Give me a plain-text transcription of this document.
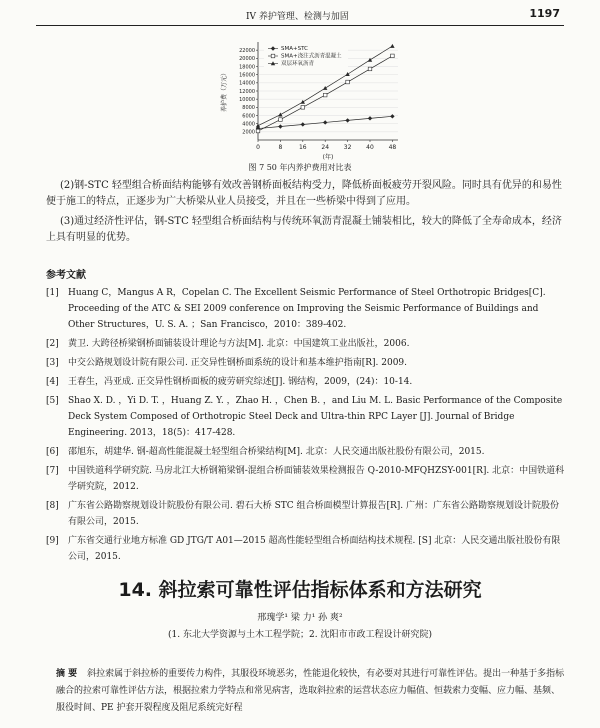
IV 养护管理、检测与加固	1197
2000
4000
6000
8000
10000
12000
14000
16000
18000
20000
22000
0	8	16 24 32 40 48
(年)
养护费（万元）
SMA+STC
SMA+浇注式沥青混凝土
双层环氧沥青
图 7 50 年内养护费用对比表
(2)钢-STC 轻型组合桥面结构能够有效改善钢桥面板结构受力，降低桥面板疲劳开裂风险。同时具有优异的和易性便于施工的特点，正逐步为广大桥梁从业人员接受，并且在一些桥梁中得到了应用。
(3)通过经济性评估，钢-STC 轻型组合桥面结构与传统环氧沥青混凝土铺装相比，较大的降低了全寿命成本，经济上具有明显的优势。
参考文献
[1]	Huang C，Mangus A R，Copelan C. The Excellent Seismic Performance of Steel Orthotropic Bridges[C]. Proceeding of the ATC & SEI 2009 conference on Improving the Seismic Performance of Buildings and Other Structures，U. S. A. ；San Francisco，2010：389-402.
[2]	黄卫. 大跨径桥梁钢桥面铺装设计理论与方法[M]. 北京：中国建筑工业出版社，2006.
[3]	中交公路规划设计院有限公司. 正交异性钢桥面系统的设计和基本维护指南[R]. 2009.
[4]	王春生，冯亚成. 正交异性钢桥面板的疲劳研究综述[J]. 钢结构，2009，(24)：10-14.
[5]	Shao X. D. ，Yi D. T. ，Huang Z. Y. ，Zhao H. ，Chen B. ，and Liu M. L. Basic Performance of the Composite Deck System Composed of Orthotropic Steel Deck and Ultra-thin RPC Layer [J]. Journal of Bridge Engineering. 2013，18(5)：417-428.
[6]	邵旭东，胡建华. 钢-超高性能混凝土轻型组合桥梁结构[M]. 北京：人民交通出版社股份有限公司，2015.
[7]	中国铁道科学研究院. 马房北江大桥钢箱梁钢-混组合桥面铺装效果检测报告 Q-2010-MFQHZSY-001[R]. 北京：中国铁道科学研究院，2012.
[8]	广东省公路勘察规划设计院股份有限公司. 碧石大桥 STC 组合桥面模型计算报告[R]. 广州：广东省公路勘察规划设计院股份有限公司，2015.
[9]	广东省交通行业地方标准 GD JTG/T A01—2015 超高性能轻型组合桥面结构技术规程. [S] 北京：人民交通出版社股份有限公司，2015.
14. 斜拉索可靠性评估指标体系和方法研究
邢瑰学¹ 梁 力¹ 孙 爽²
(1. 东北大学资源与土木工程学院；2. 沈阳市市政工程设计研究院)
摘 要 斜拉索属于斜拉桥的重要传力构件，其服役环境恶劣，性能退化较快，有必要对其进行可靠性评估。提出一种基于多指标融合的拉索可靠性评估方法，根据拉索力学特点和常见病害，选取斜拉索的运营状态应力幅值、恒载索力变幅、应力幅、基频、服役时间、PE 护套开裂程度及阻尼系统完好程
